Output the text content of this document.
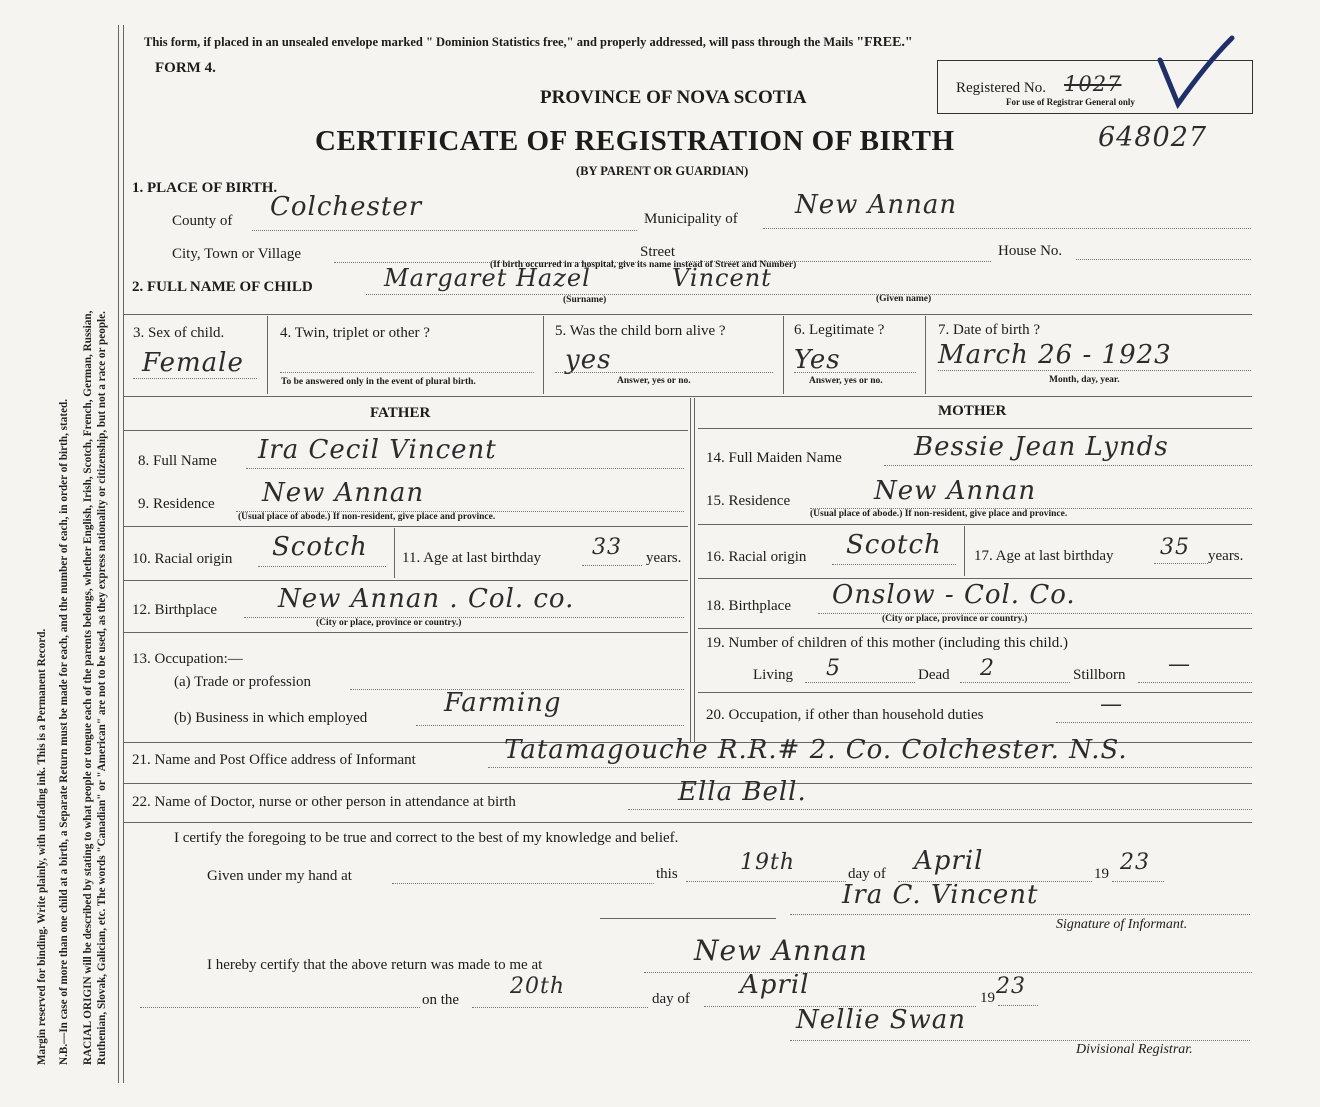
Margin reserved for binding. Write plainly, with unfading ink. This is a Permanent Record. N.B.—In case of more than one child at a birth, a Separate Return must be made for each, and the number of each, in order of birth, stated. RACIAL ORIGIN will be described by stating to what people or tongue each of the parents belongs, whether English, Irish, Scotch, French, German, Russian, Ruthenian, Slovak, Galician, etc. The words "Canadian" or "American" are not to be used, as they express nationality or citizenship, but not a race or people.
This form, if placed in an unsealed envelope marked " Dominion Statistics free," and properly addressed, will pass through the Mails "FREE."
FORM 4.
PROVINCE OF NOVA SCOTIA	Registered No. 1027
For use of Registrar General only
CERTIFICATE OF REGISTRATION OF BIRTH	648027
(BY PARENT OR GUARDIAN)
1. PLACE OF BIRTH.
County of Colchester	Municipality of New Annan
City, Town or Village	Street	House No.
(If birth occurred in a hospital, give its name instead of Street and Number)
2. FULL NAME OF CHILD	Margaret Hazel	Vincent
(Surname)	(Given name)
3. Sex of child.
Female
4. Twin, triplet or other ?
To be answered only in the event of plural birth.
5. Was the child born alive ?
yes
Answer, yes or no.
6. Legitimate ?
Yes
Answer, yes or no.
7. Date of birth ?
March 26 - 1923
Month, day, year.
FATHER	MOTHER
8. Full Name Ira Cecil Vincent
9. Residence New Annan
(Usual place of abode.) If non-resident, give place and province.
10. Racial origin Scotch 11. Age at last birthday 33 years.
12. Birthplace New Annan . Col. co.
(City or place, province or country.)
13. Occupation:—
(a) Trade or profession
(b) Business in which employed	Farming
14. Full Maiden Name	Bessie Jean Lynds
15. Residence	New Annan
(Usual place of abode.) If non-resident, give place and province.
16. Racial origin Scotch 17. Age at last birthday 35 years.
18. Birthplace Onslow - Col. Co.
(City or place, province or country.)
19. Number of children of this mother (including this child.)
Living 5	Dead 2	Stillborn —
20. Occupation, if other than household duties	—
21. Name and Post Office address of Informant	Tatamagouche R.R.# 2. Co. Colchester. N.S.
22. Name of Doctor, nurse or other person in attendance at birth	Ella Bell.
I certify the foregoing to be true and correct to the best of my knowledge and belief.
Given under my hand at	this	19th	day of April	19 23
Ira C. Vincent
Signature of Informant.
I hereby certify that the above return was made to me at	New Annan
on the
20th	day of April	19 23
Nellie Swan
Divisional Registrar.
